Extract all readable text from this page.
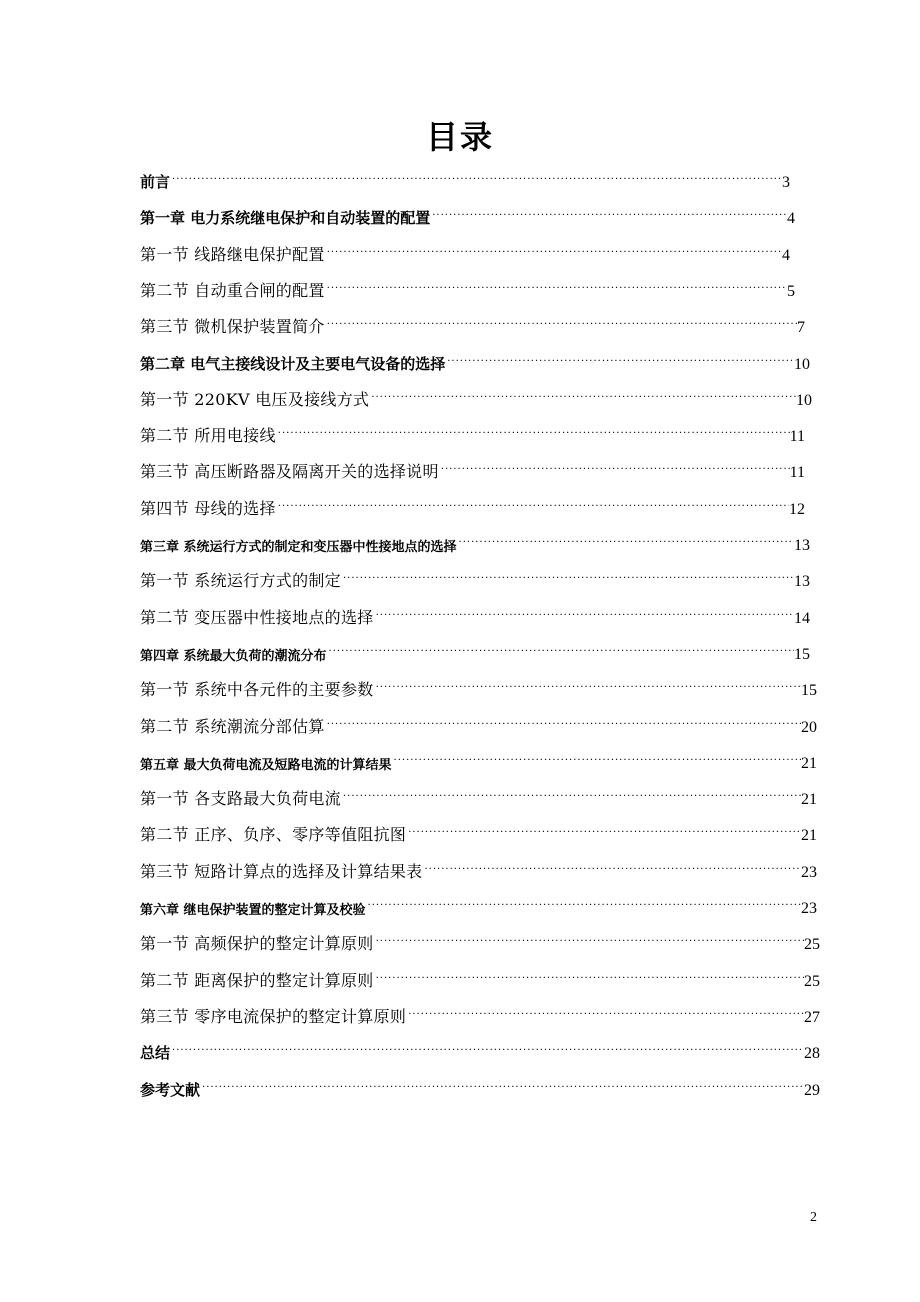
目录
前言 ·····	3
第一章 电力系统继电保护和自动装置的配置 ·····	4
第一节 线路继电保护配置 ·····	4
第二节 自动重合闸的配置 ·····	5
第三节 微机保护装置简介 ·····	7
第二章 电气主接线设计及主要电气设备的选择 ·····	10
第一节 220KV 电压及接线方式 ·····	10
第二节 所用电接线 ·····	11
第三节 高压断路器及隔离开关的选择说明 ·····	11
第四节 母线的选择 ·····	12
第三章 系统运行方式的制定和变压器中性接地点的选择 ·····	13
第一节 系统运行方式的制定 ·····	13
第二节 变压器中性接地点的选择 ·····	14
第四章 系统最大负荷的潮流分布 ·····	15
第一节 系统中各元件的主要参数 ·····	15
第二节 系统潮流分部估算 ·····	20
第五章 最大负荷电流及短路电流的计算结果 ·····	21
第一节 各支路最大负荷电流 ·····	21
第二节 正序、负序、零序等值阻抗图 ·····	21
第三节 短路计算点的选择及计算结果表 ·····	23
第六章 继电保护装置的整定计算及校验 ·····	23
第一节 高频保护的整定计算原则 ·····	25
第二节 距离保护的整定计算原则 ·····	25
第三节 零序电流保护的整定计算原则 ·····	27
总结 ·····	28
参考文献 ·····	29
2
